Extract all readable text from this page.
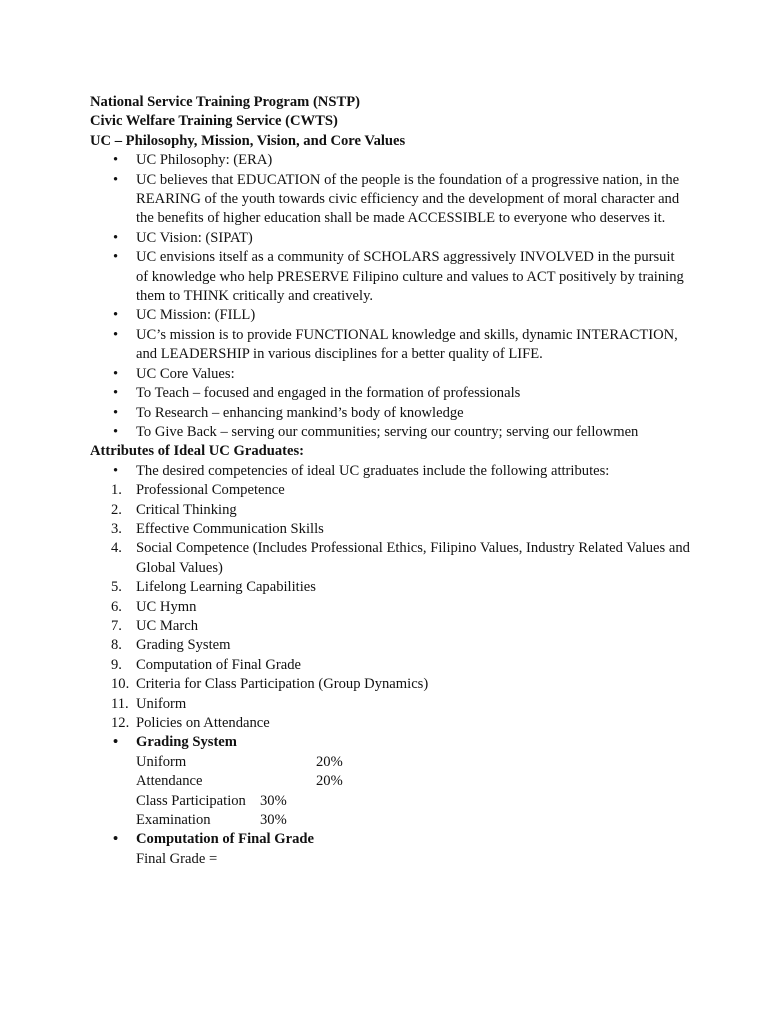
National Service Training Program (NSTP)
Civic Welfare Training Service (CWTS)
UC – Philosophy, Mission, Vision, and Core Values
•	UC Philosophy: (ERA)
•	UC believes that EDUCATION of the people is the foundation of a progressive nation, in the REARING of the youth towards civic efficiency and the development of moral character and the benefits of higher education shall be made ACCESSIBLE to everyone who deserves it.
•	UC Vision: (SIPAT)
•	UC envisions itself as a community of SCHOLARS aggressively INVOLVED in the pursuit of knowledge who help PRESERVE Filipino culture and values to ACT positively by training them to THINK critically and creatively.
•	UC Mission: (FILL)
•	UC’s mission is to provide FUNCTIONAL knowledge and skills, dynamic INTERACTION, and LEADERSHIP in various disciplines for a better quality of LIFE.
•	UC Core Values:
•	To Teach – focused and engaged in the formation of professionals
•	To Research – enhancing mankind’s body of knowledge
•	To Give Back – serving our communities; serving our country; serving our fellowmen
Attributes of Ideal UC Graduates:
•	The desired competencies of ideal UC graduates include the following attributes:
1. Professional Competence
2. Critical Thinking
3. Effective Communication Skills
4. Social Competence (Includes Professional Ethics, Filipino Values, Industry Related Values and Global Values)
5. Lifelong Learning Capabilities
6. UC Hymn
7. UC March
8. Grading System
9. Computation of Final Grade
10. Criteria for Class Participation (Group Dynamics)
11. Uniform
12. Policies on Attendance
•	Grading System
Uniform	20%
Attendance	20%
Class Participation 30%
Examination	30%
•	Computation of Final Grade
Final Grade =
